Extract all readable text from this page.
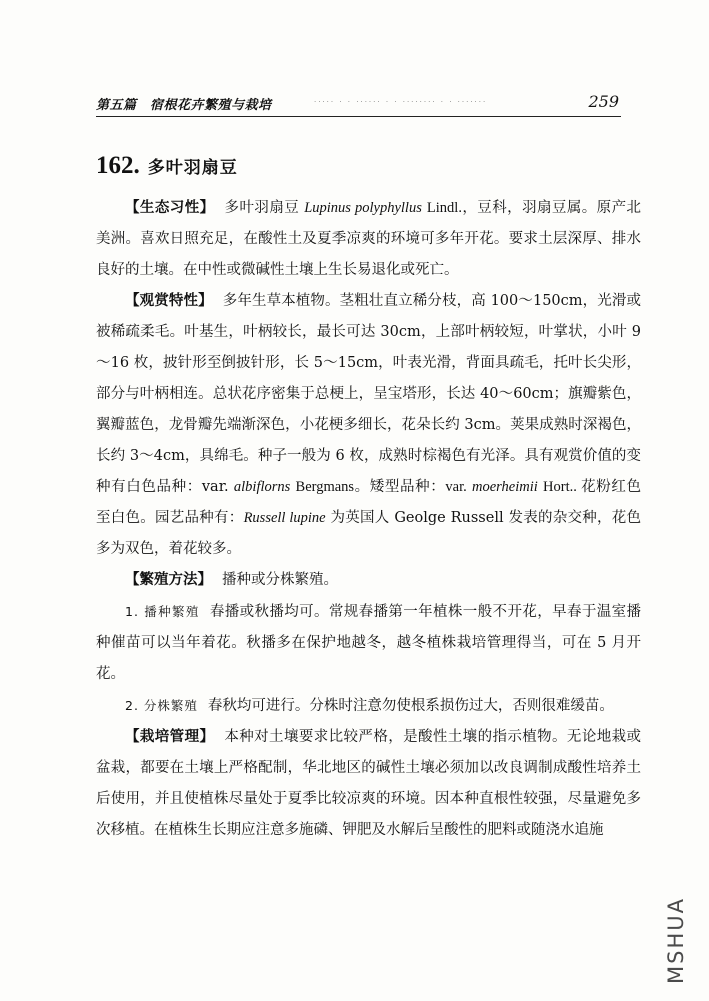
第五篇　宿根花卉繁殖与栽培	····· · · ······ · · ········ · · ·······	259
162. 多叶羽扇豆

【生态习性】 多叶羽扇豆 Lupinus polyphyllus Lindl.，豆科，羽扇豆属。原产北美洲。喜欢日照充足，在酸性土及夏季凉爽的环境可多年开花。要求土层深厚、排水良好的土壤。在中性或微碱性土壤上生长易退化或死亡。

【观赏特性】 多年生草本植物。茎粗壮直立稀分枝，高 100～150cm，光滑或被稀疏柔毛。叶基生，叶柄较长，最长可达 30cm，上部叶柄较短，叶掌状，小叶 9～16 枚，披针形至倒披针形，长 5～15cm，叶表光滑，背面具疏毛，托叶长尖形，部分与叶柄相连。总状花序密集于总梗上，呈宝塔形，长达 40～60cm；旗瓣紫色，翼瓣蓝色，龙骨瓣先端渐深色，小花梗多细长，花朵长约 3cm。荚果成熟时深褐色，长约 3～4cm，具绵毛。种子一般为 6 枚，成熟时棕褐色有光泽。具有观赏价值的变种有白色品种：var. albiflorns Bergmans。矮型品种：var. moerheimii Hort.. 花粉红色至白色。园艺品种有：Russell lupine 为英国人 Geolge Russell 发表的杂交种，花色多为双色，着花较多。

【繁殖方法】 播种或分株繁殖。

1. 播种繁殖 春播或秋播均可。常规春播第一年植株一般不开花，早春于温室播种催苗可以当年着花。秋播多在保护地越冬，越冬植株栽培管理得当，可在 5 月开花。

2. 分株繁殖 春秋均可进行。分株时注意勿使根系损伤过大，否则很难缓苗。

【栽培管理】 本种对土壤要求比较严格，是酸性土壤的指示植物。无论地栽或盆栽，都要在土壤上严格配制，华北地区的碱性土壤必须加以改良调制成酸性培养土后使用，并且使植株尽量处于夏季比较凉爽的环境。因本种直根性较强，尽量避免多次移植。在植株生长期应注意多施磷、钾肥及水解后呈酸性的肥料或随浇水追施

MSHUA
